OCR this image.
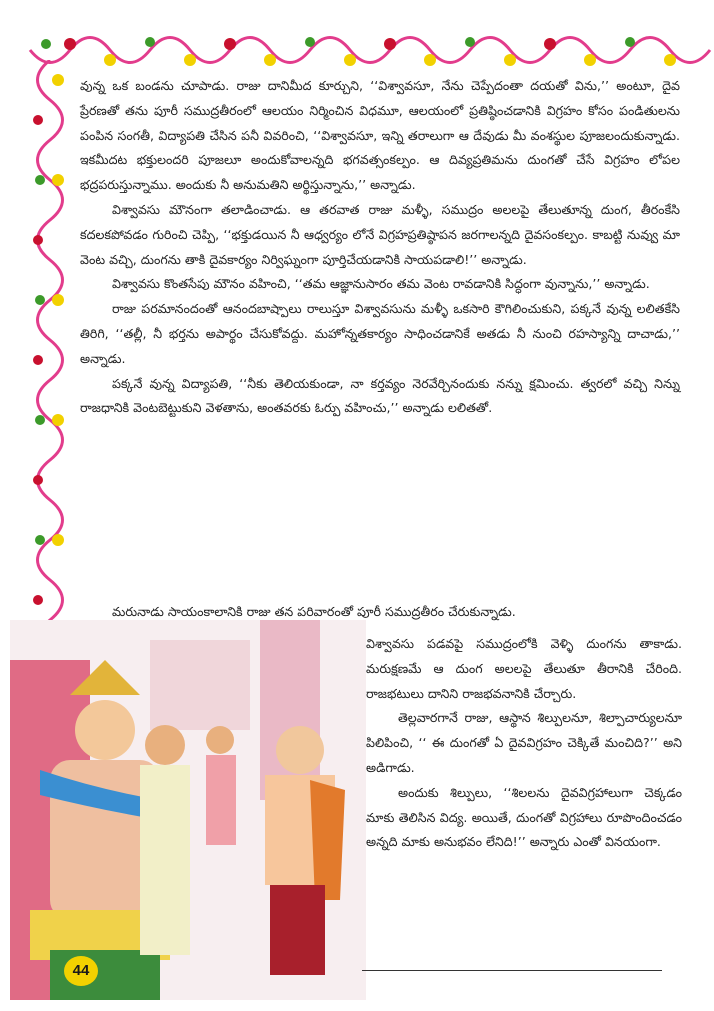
వున్న ఒక బండను చూపాడు. రాజు దానిమీద కూర్చుని, ‘‘విశ్వావసూ, నేను చెప్పేదంతా దయతో విను,’’ అంటూ, దైవ ప్రేరణతో తను పూరీ సముద్రతీరంలో ఆలయం నిర్మించిన విధమూ, ఆలయంలో ప్రతిష్ఠించడానికి విగ్రహం కోసం పండితులను పంపిన సంగతీ, విద్యాపతి చేసిన పనీ వివరించి, ‘‘విశ్వావసూ, ఇన్ని తరాలుగా ఆ దేవుడు మీ వంశస్థుల పూజలందుకున్నాడు. ఇకమీదట భక్తులందరి పూజలూ అందుకోవాలన్నది భగవత్సంకల్పం. ఆ దివ్యప్రతిమను దుంగతో చేసే విగ్రహం లోపల భద్రపరుస్తున్నాము. అందుకు నీ అనుమతిని అర్థిస్తున్నాను,’’ అన్నాడు.

విశ్వావసు మౌనంగా తలాడించాడు. ఆ తరవాత రాజు మళ్ళీ, సముద్రం అలలపై తేలుతూన్న దుంగ, తీరంకేసి కదలకపోవడం గురించి చెప్పి, ‘‘భక్తుడయిన నీ ఆధ్వర్యం లోనే విగ్రహప్రతిష్ఠాపన జరగాలన్నది దైవసంకల్పం. కాబట్టి నువ్వు మా వెంట వచ్చి, దుంగను తాకి దైవకార్యం నిర్విఘ్నంగా పూర్తిచేయడానికి సాయపడాలి!’’ అన్నాడు.

విశ్వావసు కొంతసేపు మౌనం వహించి, ‘‘తమ ఆజ్ఞానుసారం తమ వెంట రావడానికి సిద్ధంగా వున్నాను,’’ అన్నాడు.

రాజు పరమానందంతో ఆనందబాష్పాలు రాలుస్తూ విశ్వావసును మళ్ళీ ఒకసారి కౌగిలించుకుని, పక్కనే వున్న లలితకేసి తిరిగి, ‘‘తల్లీ, నీ భర్తను అపార్థం చేసుకోవద్దు. మహోన్నతకార్యం సాధించడానికే అతడు నీ నుంచి రహస్యాన్ని దాచాడు,’’ అన్నాడు.

పక్కనే వున్న విద్యాపతి, ‘‘నీకు తెలియకుండా, నా కర్తవ్యం నెరవేర్చినందుకు నన్ను క్షమించు. త్వరలో వచ్చి నిన్ను రాజధానికి వెంటబెట్టుకుని వెళతాను, అంతవరకు ఓర్పు వహించు,’’ అన్నాడు లలితతో.

మరునాడు సాయంకాలానికి రాజు తన పరివారంతో పూరీ సముద్రతీరం చేరుకున్నాడు.

విశ్వావసు పడవపై సముద్రంలోకి వెళ్ళి దుంగను తాకాడు. మరుక్షణమే ఆ దుంగ అలలపై తేలుతూ తీరానికి చేరింది. రాజభటులు దానిని రాజభవనానికి చేర్చారు.

తెల్లవారగానే రాజు, ఆస్థాన శిల్పులనూ, శిల్పాచార్యులనూ పిలిపించి, ‘‘ ఈ దుంగతో ఏ దైవవిగ్రహం చెక్కితే మంచిది?’’ అని అడిగాడు.

అందుకు శిల్పులు, ‘‘శిలలను దైవవిగ్రహాలుగా చెక్కడం మాకు తెలిసిన విద్య. అయితే, దుంగతో విగ్రహాలు రూపొందించడం అన్నది మాకు అనుభవం లేనిది!’’ అన్నారు ఎంతో వినయంగా.

44
